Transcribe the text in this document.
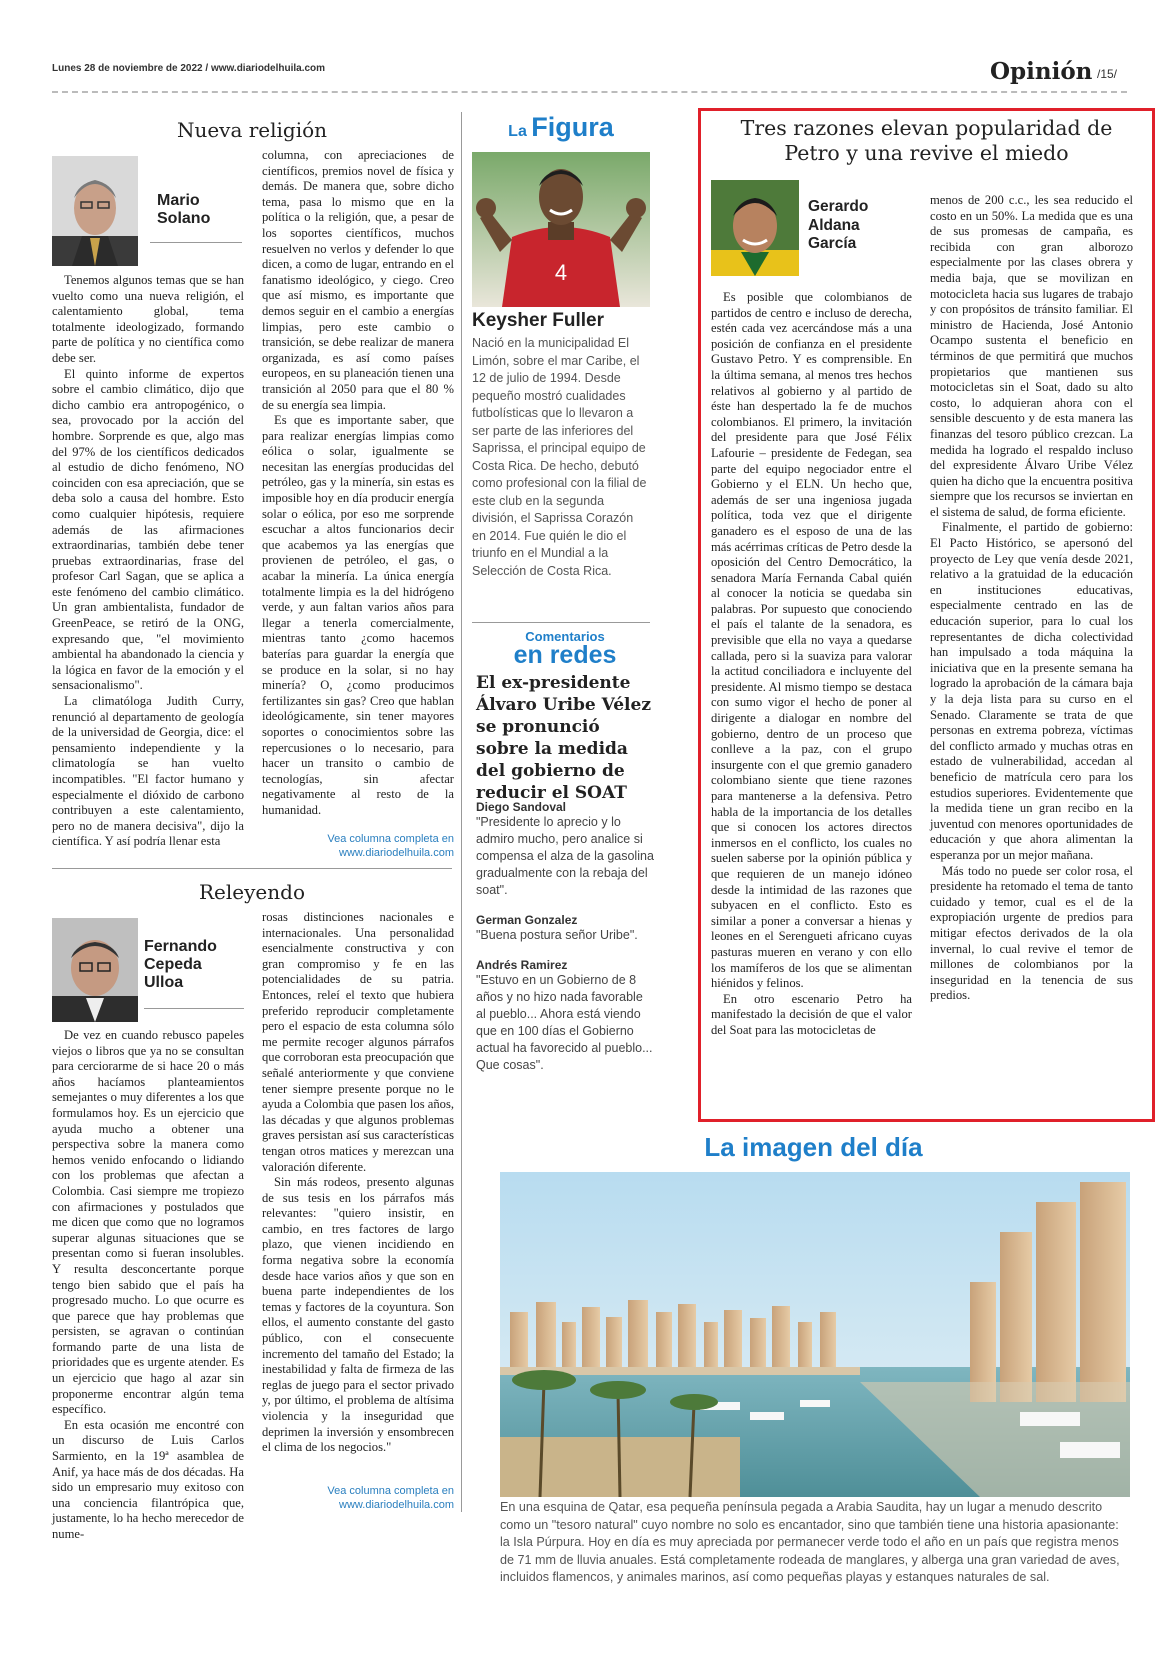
Lunes 28 de noviembre de 2022 / www.diariodelhuila.com	Opinión /15/
Nueva religión
Mario Solano

Tenemos algunos temas que se han vuelto como una nueva religión, el calentamiento global, tema totalmente ideologizado, formando parte de política y no científica como debe ser.

El quinto informe de expertos sobre el cambio climático, dijo que dicho cambio era antropogénico, o sea, provocado por la acción del hombre. Sorprende es que, algo mas del 97% de los científicos dedicados al estudio de dicho fenómeno, NO coinciden con esa apreciación, que se deba solo a causa del hombre. Esto como cualquier hipótesis, requiere además de las afirmaciones extraordinarias, también debe tener pruebas extraordinarias, frase del profesor Carl Sagan, que se aplica a este fenómeno del cambio climático. Un gran ambientalista, fundador de GreenPeace, se retiró de la ONG, expresando que, "el movimiento ambiental ha abandonado la ciencia y la lógica en favor de la emoción y el sensacionalismo".

La climatóloga Judith Curry, renunció al departamento de geología de la universidad de Georgia, dice: el pensamiento independiente y la climatología se han vuelto incompatibles. "El factor humano y especialmente el dióxido de carbono contribuyen a este calentamiento, pero no de manera decisiva", dijo la científica. Y así podría llenar esta

columna, con apreciaciones de científicos, premios novel de física y demás. De manera que, sobre dicho tema, pasa lo mismo que en la política o la religión, que, a pesar de los soportes científicos, muchos resuelven no verlos y defender lo que dicen, a como de lugar, entrando en el fanatismo ideológico, y ciego. Creo que así mismo, es importante que demos seguir en el cambio a energías limpias, pero este cambio o transición, se debe realizar de manera organizada, es así como países europeos, en su planeación tienen una transición al 2050 para que el 80 % de su energía sea limpia.

Es que es importante saber, que para realizar energías limpias como eólica o solar, igualmente se necesitan las energías producidas del petróleo, gas y la minería, sin estas es imposible hoy en día producir energía solar o eólica, por eso me sorprende escuchar a altos funcionarios decir que acabemos ya las energías que provienen de petróleo, el gas, o acabar la minería. La única energía totalmente limpia es la del hidrógeno verde, y aun faltan varios años para llegar a tenerla comercialmente, mientras tanto ¿como hacemos baterías para guardar la energía que se produce en la solar, si no hay minería? O, ¿como producimos fertilizantes sin gas? Creo que hablan ideológicamente, sin tener mayores soportes o conocimientos sobre las repercusiones o lo necesario, para hacer un transito o cambio de tecnologías, sin afectar negativamente al resto de la humanidad.

Vea columna completa en
www.diariodelhuila.com
Releyendo
Fernando Cepeda Ulloa

De vez en cuando rebusco papeles viejos o libros que ya no se consultan para cerciorarme de si hace 20 o más años hacíamos planteamientos semejantes o muy diferentes a los que formulamos hoy. Es un ejercicio que ayuda mucho a obtener una perspectiva sobre la manera como hemos venido enfocando o lidiando con los problemas que afectan a Colombia. Casi siempre me tropiezo con afirmaciones y postulados que me dicen que como que no logramos superar algunas situaciones que se presentan como si fueran insolubles. Y resulta desconcertante porque tengo bien sabido que el país ha progresado mucho. Lo que ocurre es que parece que hay problemas que persisten, se agravan o continúan formando parte de una lista de prioridades que es urgente atender. Es un ejercicio que hago al azar sin proponerme encontrar algún tema específico.

En esta ocasión me encontré con un discurso de Luis Carlos Sarmiento, en la 19ª asamblea de Anif, ya hace más de dos décadas. Ha sido un empresario muy exitoso con una conciencia filantrópica que, justamente, lo ha hecho merecedor de nume-

rosas distinciones nacionales e internacionales. Una personalidad esencialmente constructiva y con gran compromiso y fe en las potencialidades de su patria. Entonces, releí el texto que hubiera preferido reproducir completamente pero el espacio de esta columna sólo me permite recoger algunos párrafos que corroboran esta preocupación que señalé anteriormente y que conviene tener siempre presente porque no le ayuda a Colombia que pasen los años, las décadas y que algunos problemas graves persistan así sus características tengan otros matices y merezcan una valoración diferente.

Sin más rodeos, presento algunas de sus tesis en los párrafos más relevantes: "quiero insistir, en cambio, en tres factores de largo plazo, que vienen incidiendo en forma negativa sobre la economía desde hace varios años y que son en buena parte independientes de los temas y factores de la coyuntura. Son ellos, el aumento constante del gasto público, con el consecuente incremento del tamaño del Estado; la inestabilidad y falta de firmeza de las reglas de juego para el sector privado y, por último, el problema de altísima violencia y la inseguridad que deprimen la inversión y ensombrecen el clima de los negocios."

Vea columna completa en
www.diariodelhuila.com
La Figura
4
Keysher Fuller
Nació en la municipalidad El Limón, sobre el mar Caribe, el 12 de julio de 1994. Desde pequeño mostró cualidades futbolísticas que lo llevaron a ser parte de las inferiores del Saprissa, el principal equipo de Costa Rica. De hecho, debutó como profesional con la filial de este club en la segunda división, el Saprissa Corazón en 2014. Fue quién le dio el triunfo en el Mundial a la Selección de Costa Rica.
Comentarios
en redes
El ex-presidente Álvaro Uribe Vélez se pronunció sobre la medida del gobierno de reducir el SOAT
Diego Sandoval
"Presidente lo aprecio y lo admiro mucho, pero analice si compensa el alza de la gasolina gradualmente con la rebaja del soat".
German Gonzalez
"Buena postura señor Uribe".
Andrés Ramirez
"Estuvo en un Gobierno de 8 años y no hizo nada favorable al pueblo... Ahora está viendo que en 100 días el Gobierno actual ha favorecido al pueblo... Que cosas".
Tres razones elevan popularidad de Petro y una revive el miedo
Gerardo Aldana García

Es posible que colombianos de partidos de centro e incluso de derecha, estén cada vez acercándose más a una posición de confianza en el presidente Gustavo Petro. Y es comprensible. En la última semana, al menos tres hechos relativos al gobierno y al partido de éste han despertado la fe de muchos colombianos. El primero, la invitación del presidente para que José Félix Lafourie – presidente de Fedegan, sea parte del equipo negociador entre el Gobierno y el ELN. Un hecho que, además de ser una ingeniosa jugada política, toda vez que el dirigente ganadero es el esposo de una de las más acérrimas críticas de Petro desde la oposición del Centro Democrático, la senadora María Fernanda Cabal quién al conocer la noticia se quedaba sin palabras. Por supuesto que conociendo el país el talante de la senadora, es previsible que ella no vaya a quedarse callada, pero si la suaviza para valorar la actitud conciliadora e incluyente del presidente. Al mismo tiempo se destaca con sumo vigor el hecho de poner al dirigente a dialogar en nombre del gobierno, dentro de un proceso que conlleve a la paz, con el grupo insurgente con el que gremio ganadero colombiano siente que tiene razones para mantenerse a la defensiva. Petro habla de la importancia de los detalles que si conocen los actores directos inmersos en el conflicto, los cuales no suelen saberse por la opinión pública y que requieren de un manejo idóneo desde la intimidad de las razones que subyacen en el conflicto. Esto es similar a poner a conversar a hienas y leones en el Serengueti africano cuyas pasturas mueren en verano y con ello los mamíferos de los que se alimentan hiénidos y felinos.

En otro escenario Petro ha manifestado la decisión de que el valor del Soat para las motocicletas de

menos de 200 c.c., les sea reducido el costo en un 50%. La medida que es una de sus promesas de campaña, es recibida con gran alborozo especialmente por las clases obrera y media baja, que se movilizan en motocicleta hacia sus lugares de trabajo y con propósitos de tránsito familiar. El ministro de Hacienda, José Antonio Ocampo sustenta el beneficio en términos de que permitirá que muchos propietarios que mantienen sus motocicletas sin el Soat, dado su alto costo, lo adquieran ahora con el sensible descuento y de esta manera las finanzas del tesoro público crezcan. La medida ha logrado el respaldo incluso del expresidente Álvaro Uribe Vélez quien ha dicho que la encuentra positiva siempre que los recursos se inviertan en el sistema de salud, de forma eficiente.

Finalmente, el partido de gobierno: El Pacto Histórico, se apersonó del proyecto de Ley que venía desde 2021, relativo a la gratuidad de la educación en instituciones educativas, especialmente centrado en las de educación superior, para lo cual los representantes de dicha colectividad han impulsado a toda máquina la iniciativa que en la presente semana ha logrado la aprobación de la cámara baja y la deja lista para su curso en el Senado. Claramente se trata de que personas en extrema pobreza, víctimas del conflicto armado y muchas otras en estado de vulnerabilidad, accedan al beneficio de matrícula cero para los estudios superiores. Evidentemente que la medida tiene un gran recibo en la juventud con menores oportunidades de educación y que ahora alimentan la esperanza por un mejor mañana.

Más todo no puede ser color rosa, el presidente ha retomado el tema de tanto cuidado y temor, cual es el de la expropiación urgente de predios para mitigar efectos derivados de la ola invernal, lo cual revive el temor de millones de colombianos por la inseguridad en la tenencia de sus predios.

La imagen del día
En una esquina de Qatar, esa pequeña península pegada a Arabia Saudita, hay un lugar a menudo descrito como un "tesoro natural" cuyo nombre no solo es encantador, sino que también tiene una historia apasionante: la Isla Púrpura. Hoy en día es muy apreciada por permanecer verde todo el año en un país que registra menos de 71 mm de lluvia anuales. Está completamente rodeada de manglares, y alberga una gran variedad de aves, incluidos flamencos, y animales marinos, así como pequeñas playas y estanques naturales de sal.
